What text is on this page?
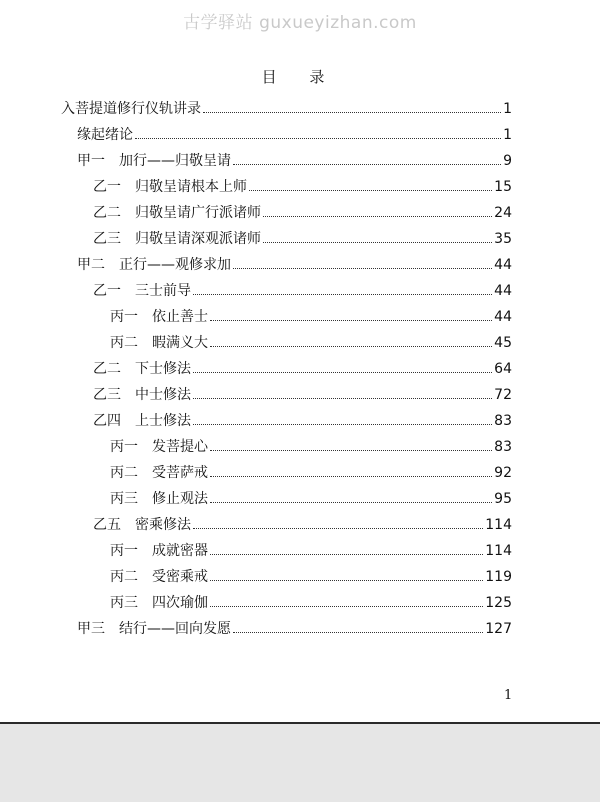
古学驿站 guxueyizhan.com
目 录
入菩提道修行仪轨讲录	1
缘起绪论	1
甲一　加行——归敬呈请	9
乙一　归敬呈请根本上师	15
乙二　归敬呈请广行派诸师	24
乙三　归敬呈请深观派诸师	35
甲二　正行——观修求加	44
乙一　三士前导	44
丙一　依止善士	44
丙二　暇满义大	45
乙二　下士修法	64
乙三　中士修法	72
乙四　上士修法	83
丙一　发菩提心	83
丙二　受菩萨戒	92
丙三　修止观法	95
乙五　密乘修法	114
丙一　成就密器	114
丙二　受密乘戒	119
丙三　四次瑜伽	125
甲三　结行——回向发愿	127
1
